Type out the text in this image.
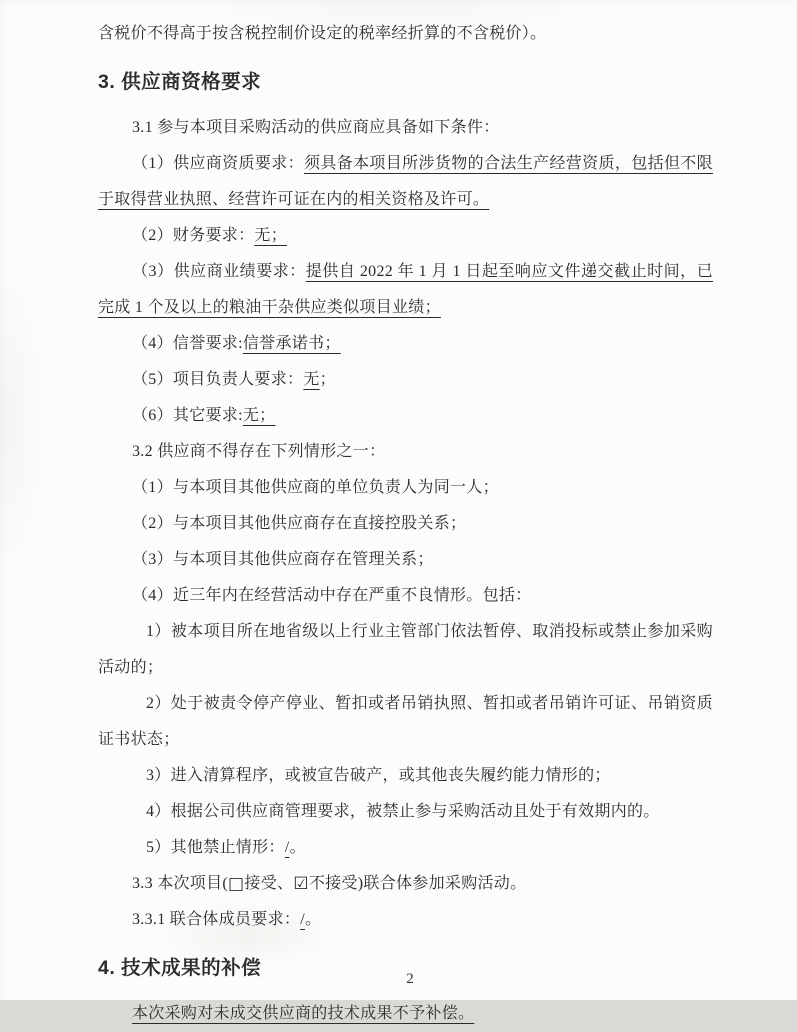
含税价不得高于按含税控制价设定的税率经折算的不含税价）。

3. 供应商资格要求

3.1 参与本项目采购活动的供应商应具备如下条件：

（1）供应商资质要求：须具备本项目所涉货物的合法生产经营资质，包括但不限于取得营业执照、经营许可证在内的相关资格及许可。

（2）财务要求：无；

（3）供应商业绩要求：提供自 2022 年 1 月 1 日起至响应文件递交截止时间，已完成 1 个及以上的粮油干杂供应类似项目业绩；

（4）信誉要求:信誉承诺书；

（5）项目负责人要求：无；

（6）其它要求:无；

3.2 供应商不得存在下列情形之一：

（1）与本项目其他供应商的单位负责人为同一人；

（2）与本项目其他供应商存在直接控股关系；

（3）与本项目其他供应商存在管理关系；

（4）近三年内在经营活动中存在严重不良情形。包括：

1）被本项目所在地省级以上行业主管部门依法暂停、取消投标或禁止参加采购活动的；

2）处于被责令停产停业、暂扣或者吊销执照、暂扣或者吊销许可证、吊销资质证书状态；

3）进入清算程序，或被宣告破产，或其他丧失履约能力情形的；

4）根据公司供应商管理要求，被禁止参与采购活动且处于有效期内的。

5）其他禁止情形：/。

3.3 本次项目(□接受、☑不接受)联合体参加采购活动。

3.3.1 联合体成员要求：/。

4. 技术成果的补偿

本次采购对未成交供应商的技术成果不予补偿。

2
